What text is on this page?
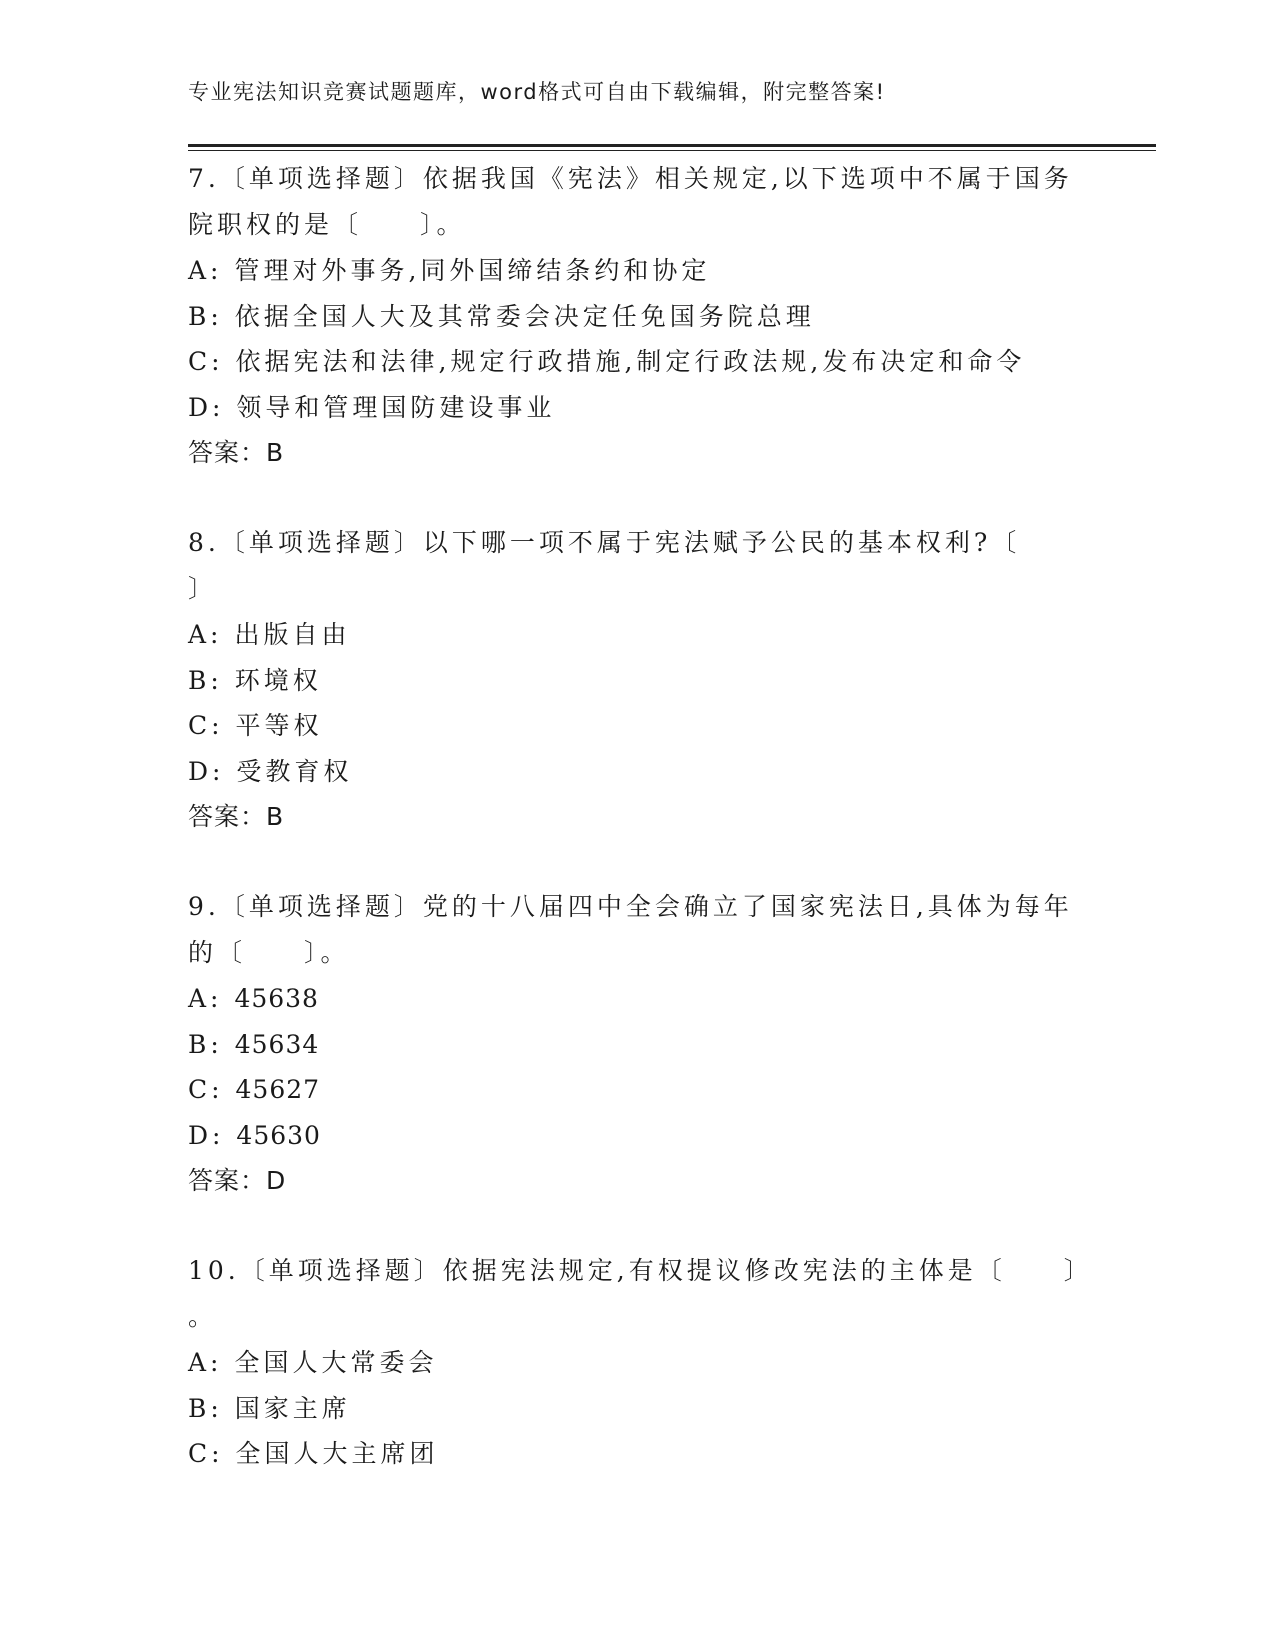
专业宪法知识竞赛试题题库，word格式可自由下载编辑，附完整答案!
7.〔单项选择题〕依据我国《宪法》相关规定,以下选项中不属于国务
院职权的是〔　　〕。
A: 管理对外事务,同外国缔结条约和协定
B: 依据全国人大及其常委会决定任免国务院总理
C: 依据宪法和法律,规定行政措施,制定行政法规,发布决定和命令
D: 领导和管理国防建设事业
答案：B
8.〔单项选择题〕以下哪一项不属于宪法赋予公民的基本权利?〔
〕
A: 出版自由
B: 环境权
C: 平等权
D: 受教育权
答案：B
9.〔单项选择题〕党的十八届四中全会确立了国家宪法日,具体为每年
的〔　　〕。
A: 45638
B: 45634
C: 45627
D: 45630
答案：D
10.〔单项选择题〕依据宪法规定,有权提议修改宪法的主体是〔　　〕
。
A: 全国人大常委会
B: 国家主席
C: 全国人大主席团
